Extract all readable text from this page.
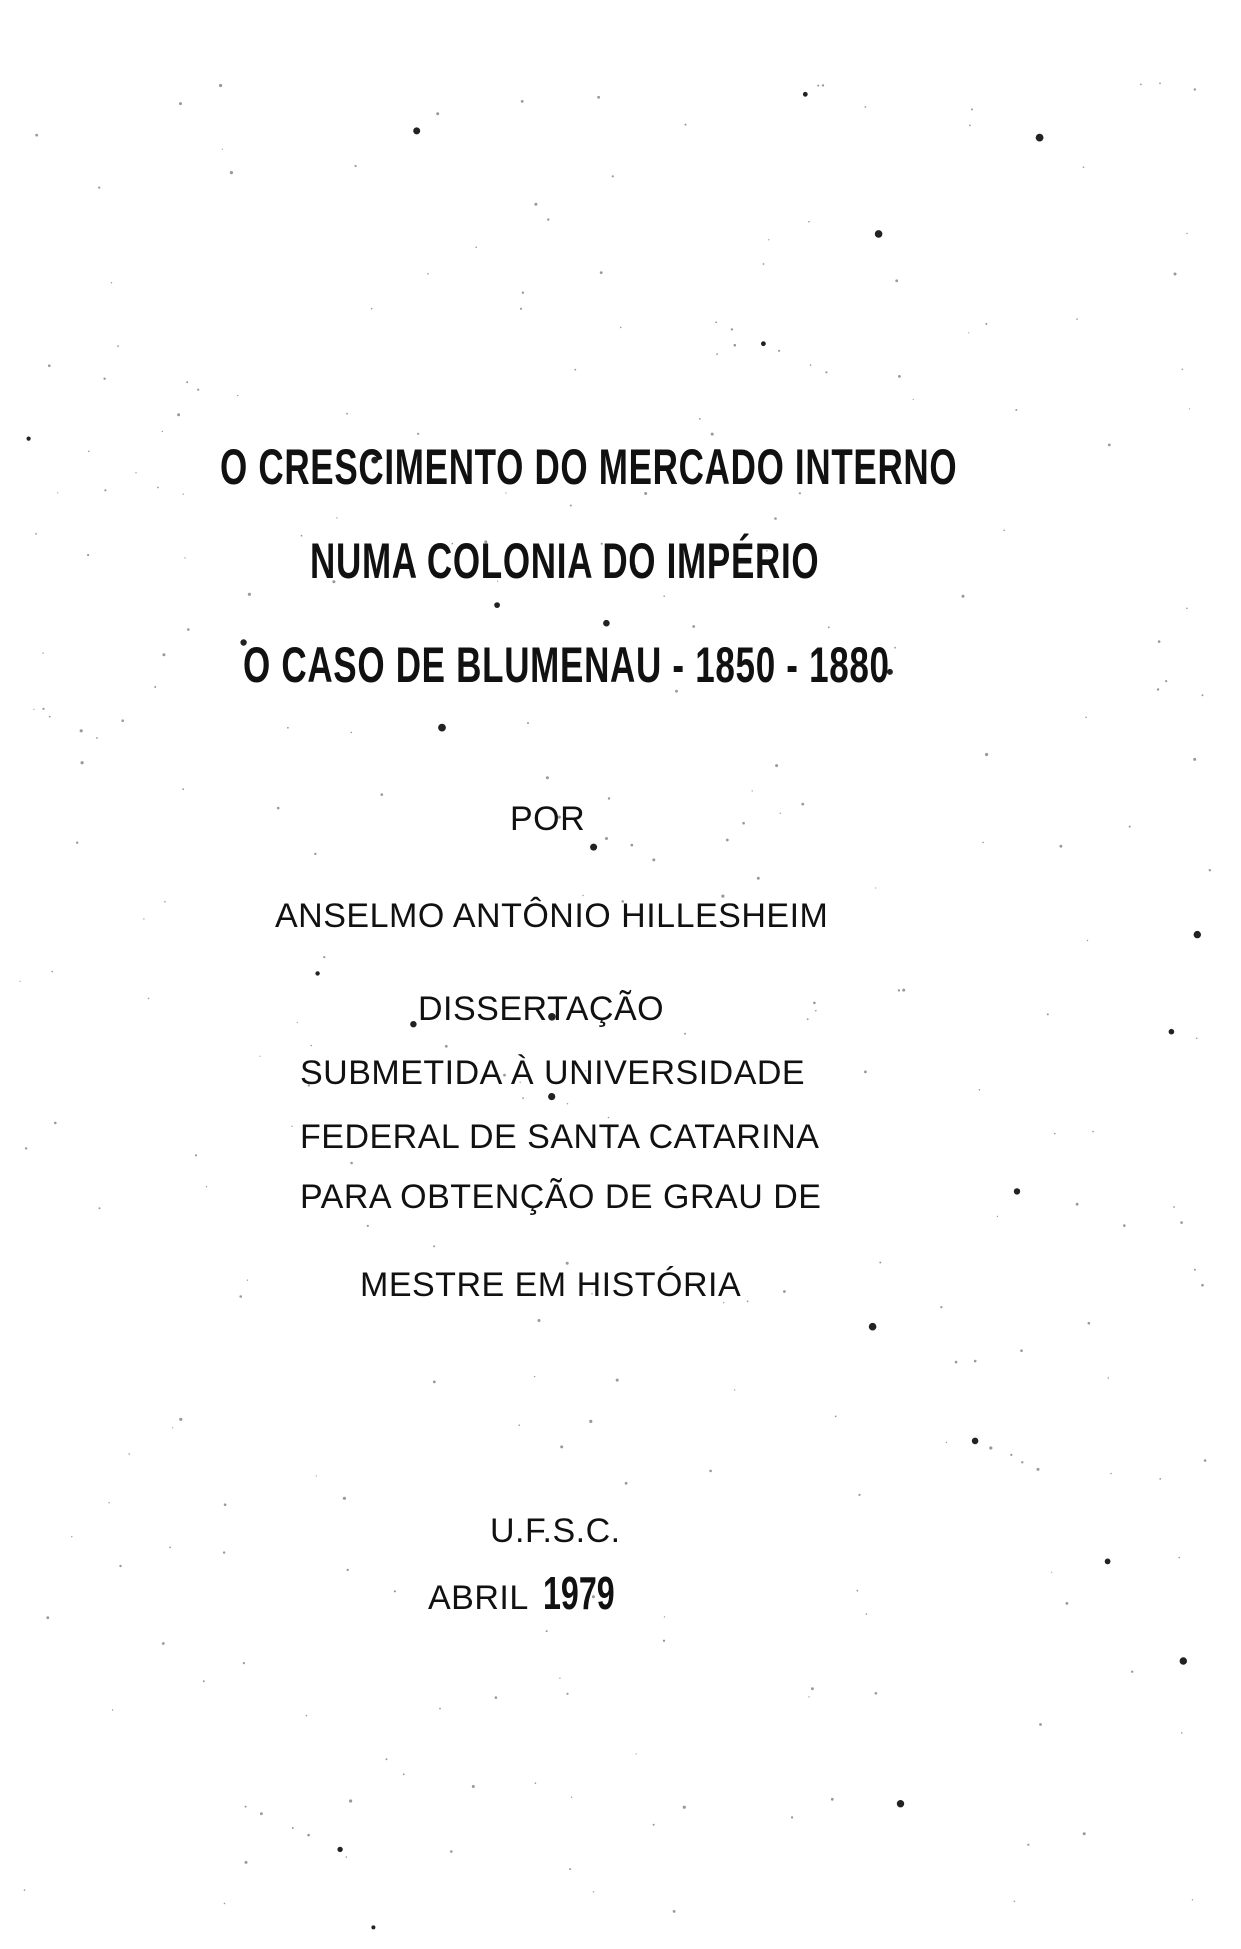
O CRESCIMENTO DO MERCADO INTERNO
NUMA COLONIA DO IMPÉRIO
O CASO DE BLUMENAU - 1850 - 1880
POR
ANSELMO ANTÔNIO HILLESHEIM
DISSERTAÇÃO
SUBMETIDA À UNIVERSIDADE
FEDERAL DE SANTA CATARINA
PARA OBTENÇÃO DE GRAU DE
MESTRE EM HISTÓRIA
U.F.S.C.
ABRIL 1979
